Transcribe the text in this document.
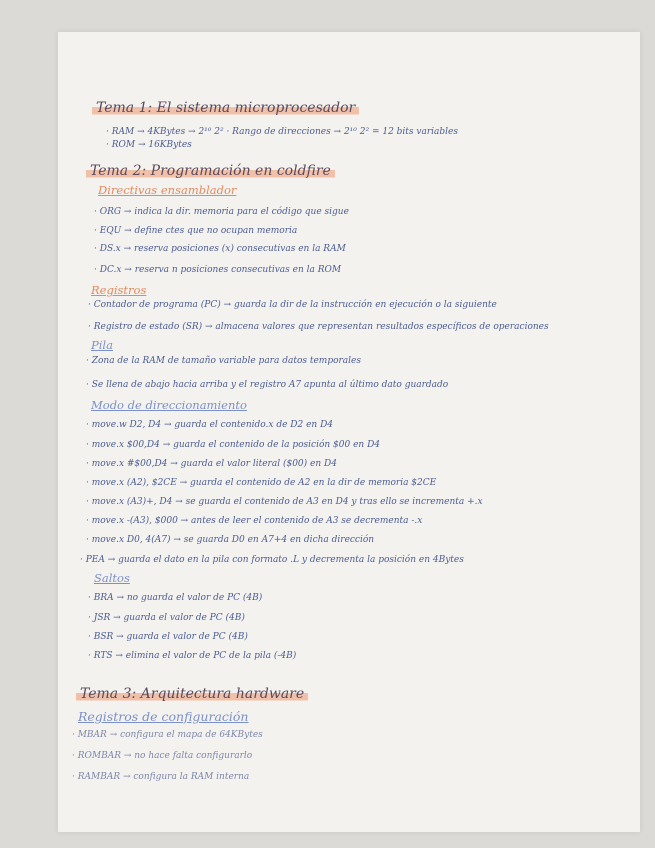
Tema 1: El sistema microprocesador
· RAM → 4KBytes → 2¹⁰ 2² · Rango de direcciones → 2¹⁰ 2² = 12 bits variables
· ROM → 16KBytes
Tema 2: Programación en coldfire
Directivas ensamblador
· ORG → indica la dir. memoria para el código que sigue
· EQU → define ctes que no ocupan memoria
· DS.x → reserva posiciones (x) consecutivas en la RAM
· DC.x → reserva n posiciones consecutivas en la ROM
Registros
· Contador de programa (PC) → guarda la dir de la instrucción en ejecución o la siguiente
· Registro de estado (SR) → almacena valores que representan resultados específicos de operaciones
Pila
· Zona de la RAM de tamaño variable para datos temporales
· Se llena de abajo hacia arriba y el registro A7 apunta al último dato guardado
Modo de direccionamiento
· move.w D2, D4 → guarda el contenido.x de D2 en D4
· move.x $00,D4 → guarda el contenido de la posición $00 en D4
· move.x #$00,D4 → guarda el valor literal ($00) en D4
· move.x (A2), $2CE → guarda el contenido de A2 en la dir de memoria $2CE
· move.x (A3)+, D4 → se guarda el contenido de A3 en D4 y tras ello se incrementa +.x
· move.x -(A3), $000 → antes de leer el contenido de A3 se decrementa -.x
· move.x D0, 4(A7) → se guarda D0 en A7+4 en dicha dirección
· PEA → guarda el dato en la pila con formato .L y decrementa la posición en 4Bytes
Saltos
· BRA → no guarda el valor de PC (4B)
· JSR → guarda el valor de PC (4B)
· BSR → guarda el valor de PC (4B)
· RTS → elimina el valor de PC de la pila (-4B)
Tema 3: Arquitectura hardware
Registros de configuración
· MBAR → configura el mapa de 64KBytes
· ROMBAR → no hace falta configurarlo
· RAMBAR → configura la RAM interna
